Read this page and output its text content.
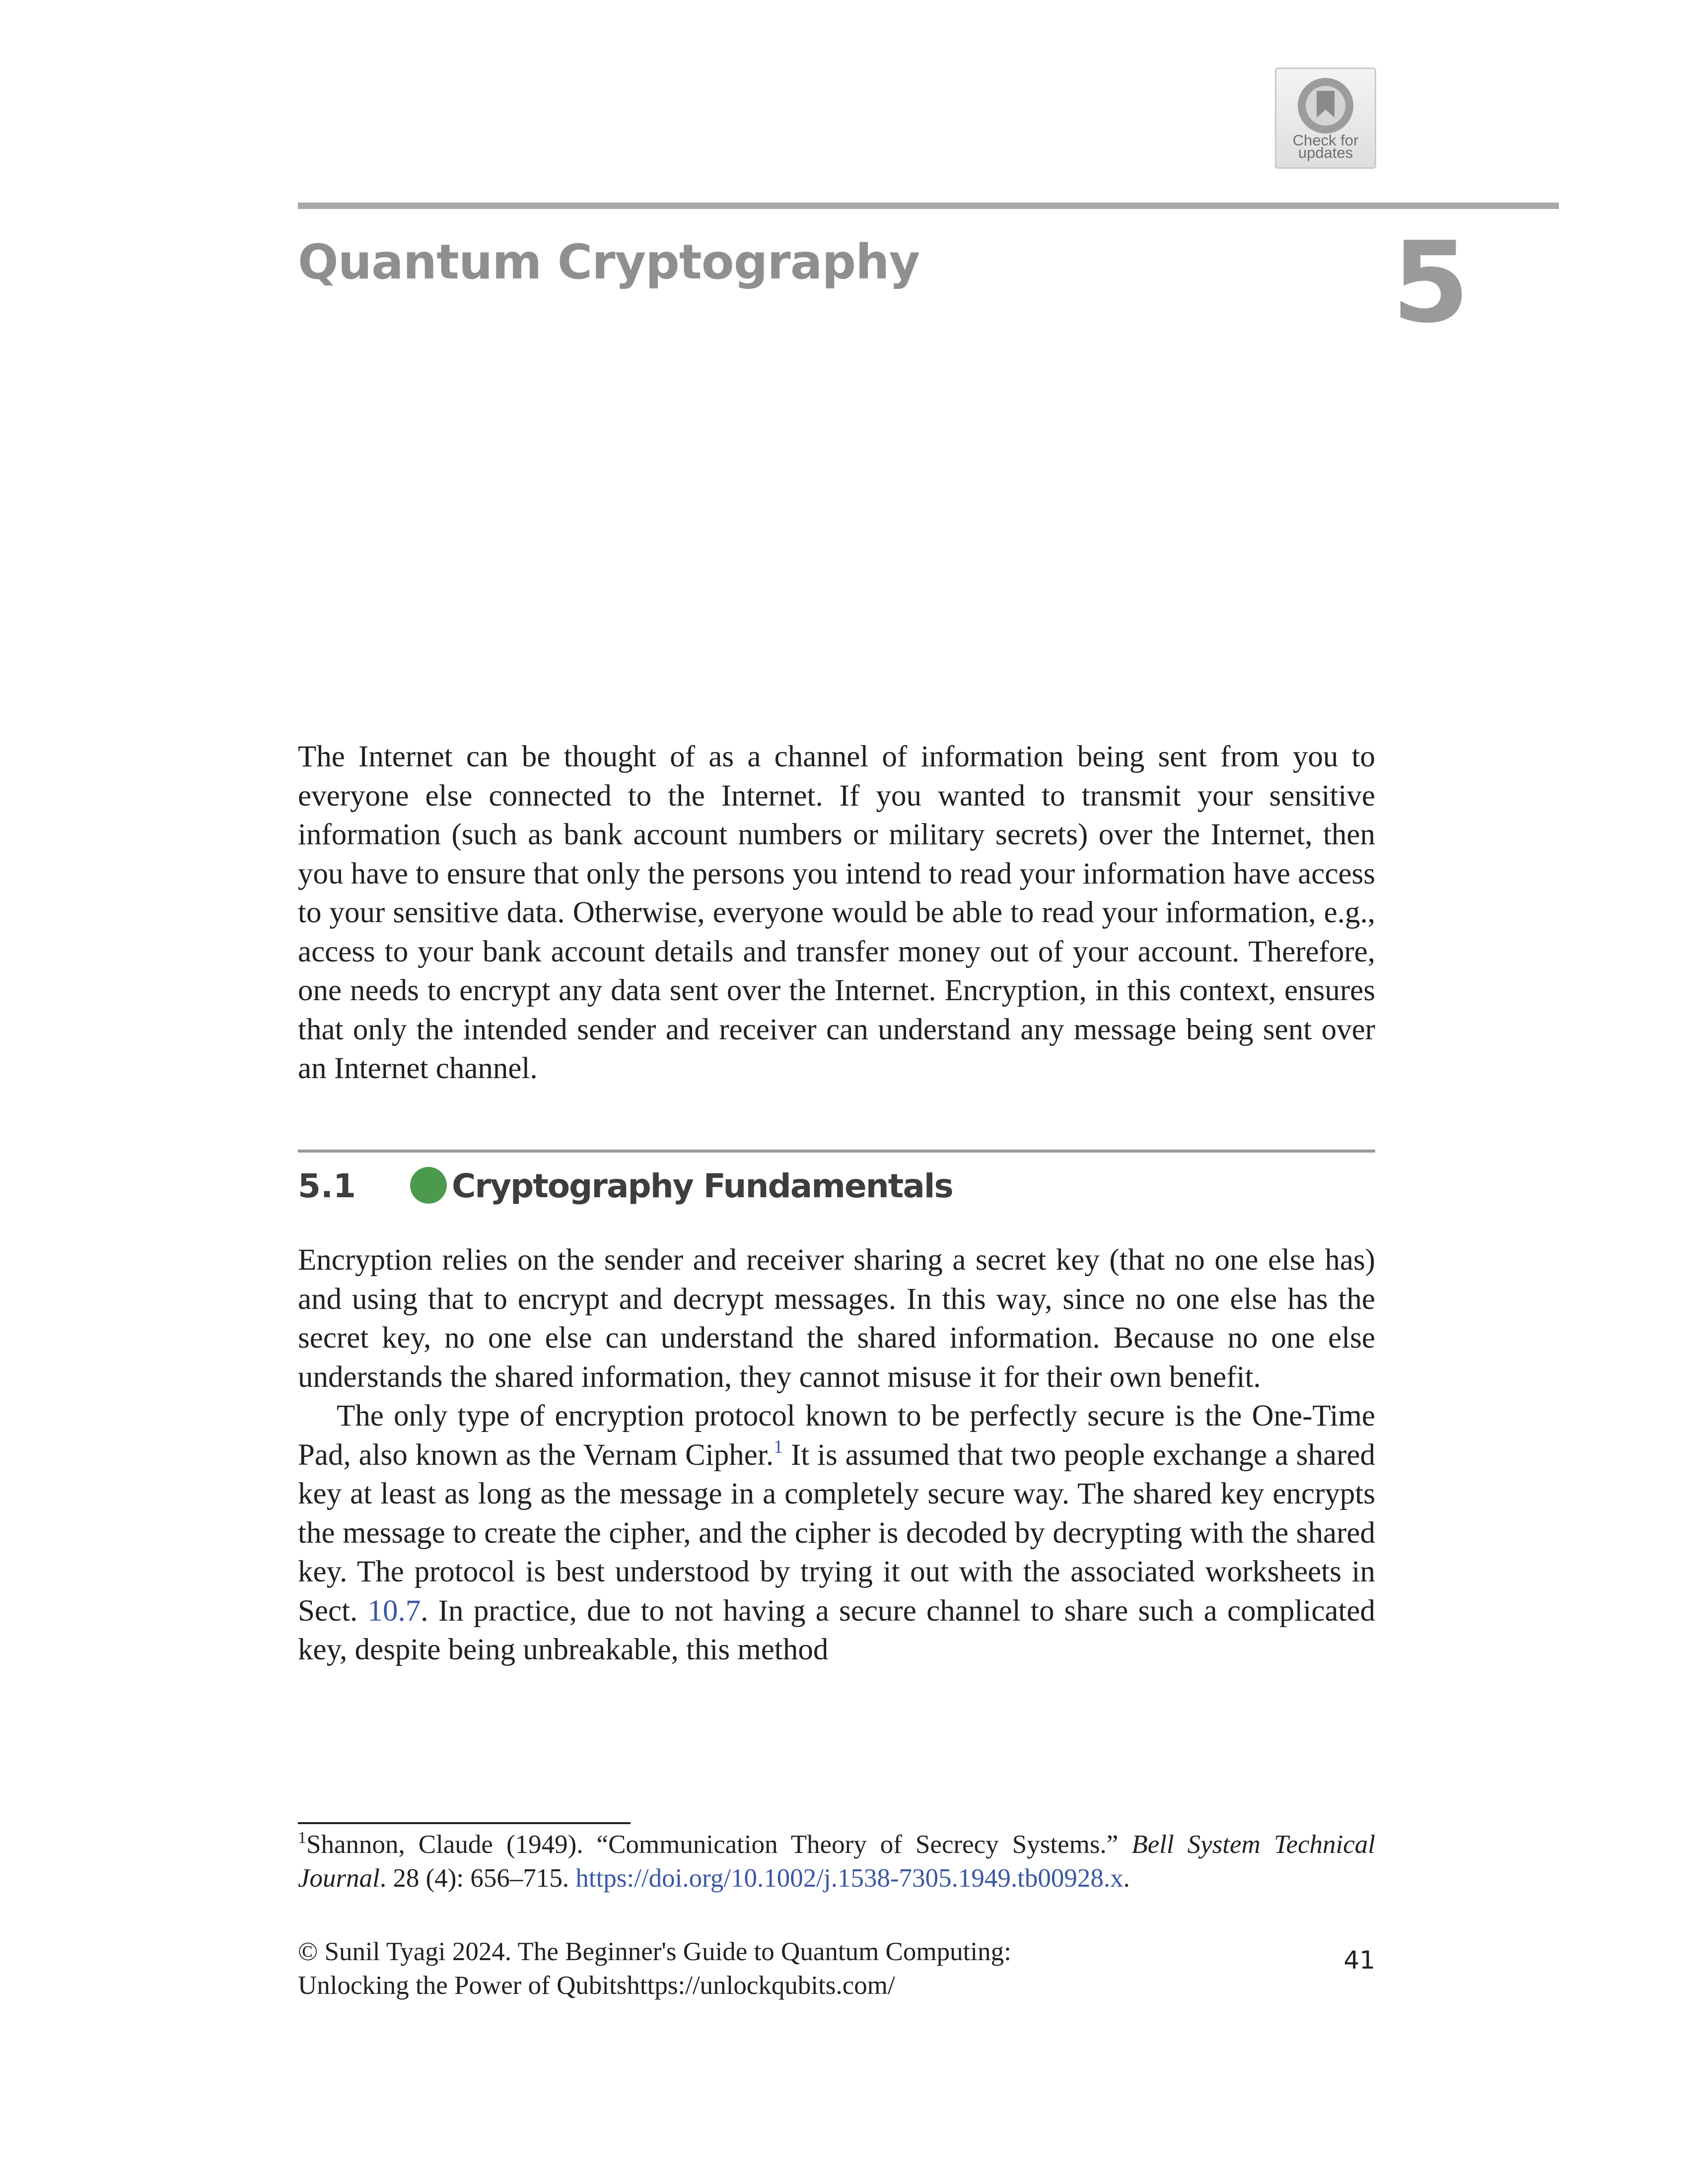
Check for
updates
Quantum Cryptography	5

The Internet can be thought of as a channel of information being sent from you to everyone else connected to the Internet. If you wanted to transmit your sensitive information (such as bank account numbers or military secrets) over the Internet, then you have to ensure that only the persons you intend to read your information have access to your sensitive data. Otherwise, everyone would be able to read your information, e.g., access to your bank account details and transfer money out of your account. Therefore, one needs to encrypt any data sent over the Internet. Encryption, in this context, ensures that only the intended sender and receiver can understand any message being sent over an Internet channel.

5.1	Cryptography Fundamentals

Encryption relies on the sender and receiver sharing a secret key (that no one else has) and using that to encrypt and decrypt messages. In this way, since no one else has the secret key, no one else can understand the shared information. Because no one else understands the shared information, they cannot misuse it for their own benefit.

The only type of encryption protocol known to be perfectly secure is the One-Time Pad, also known as the Vernam Cipher.$^1$ It is assumed that two people exchange a shared key at least as long as the message in a completely secure way. The shared key encrypts the message to create the cipher, and the cipher is decoded by decrypting with the shared key. The protocol is best understood by trying it out with the associated worksheets in Sect. 10.7. In practice, due to not having a secure channel to share such a complicated key, despite being unbreakable, this method

$^1$Shannon, Claude (1949). “Communication Theory of Secrecy Systems.” Bell System Technical Journal. 28 (4): 656–715. https://doi.org/10.1002/j.1538-7305.1949.tb00928.x.
© Sunil Tyagi 2024. The Beginner's Guide to Quantum Computing:
Unlocking the Power of Qubitshttps://unlockqubits.com/
41
